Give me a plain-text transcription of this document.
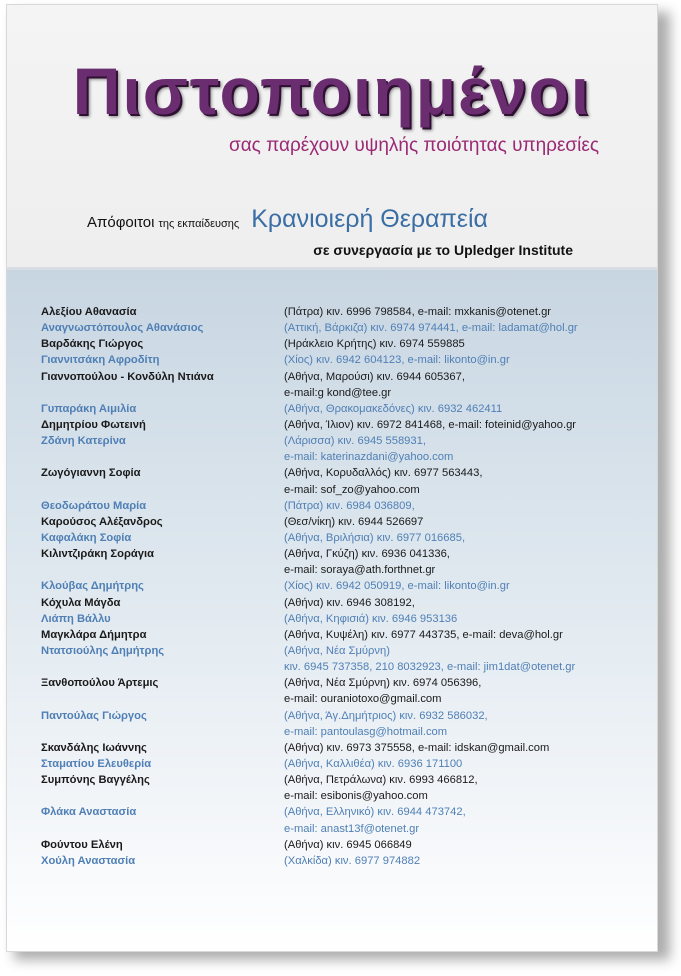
Πιστοποιημένοι
σας παρέχουν υψηλής ποιότητας υπηρεσίες
Απόφοιτοι της εκπαίδευσης Κρανιοιερή Θεραπεία
σε συνεργασία με το Upledger Institute
Αλεξίου Αθανασία	(Πάτρα) κιν. 6996 798584, e-mail: mxkanis@otenet.gr
Αναγνωστόπουλος Αθανάσιος	(Αττική, Βάρκιζα) κιν. 6974 974441, e-mail: ladamat@hol.gr
Βαρδάκης Γιώργος	(Ηράκλειο Κρήτης) κιν. 6974 559885
Γιαννιτσάκη Αφροδίτη	(Χίος) κιν. 6942 604123, e-mail: likonto@in.gr
Γιαννοπούλου - Κονδύλη Ντιάνα	(Αθήνα, Μαρούσι) κιν. 6944 605367,
e-mail:g kond@tee.gr
Γυπαράκη Αιμιλία	(Αθήνα, Θρακομακεδόνες) κιν. 6932 462411
Δημητρίου Φωτεινή	(Αθήνα, Ίλιον) κιν. 6972 841468, e-mail: foteinid@yahoo.gr
Ζδάνη Κατερίνα	(Λάρισσα) κιν. 6945 558931,
e-mail: katerinazdani@yahoo.com
Ζωγόγιαννη Σοφία	(Αθήνα, Κορυδαλλός) κιν. 6977 563443,
e-mail: sof_zo@yahoo.com
Θεοδωράτου Μαρία	(Πάτρα) κιν. 6984 036809,
Καρούσος Αλέξανδρος	(Θεσ/νίκη) κιν. 6944 526697
Καφαλάκη Σοφία	(Αθήνα, Βριλήσια) κιν. 6977 016685,
Κιλιντζιράκη Σοράγια	(Αθήνα, Γκύζη) κιν. 6936 041336,
e-mail: soraya@ath.forthnet.gr
Κλούβας Δημήτρης	(Χίος) κιν. 6942 050919, e-mail: likonto@in.gr
Κόχυλα Μάγδα	(Αθήνα) κιν. 6946 308192,
Λιάπη Βάλλυ	(Αθήνα, Κηφισιά) κιν. 6946 953136
Μαγκλάρα Δήμητρα	(Αθήνα, Κυψέλη) κιν. 6977 443735, e-mail: deva@hol.gr
Ντατσιούλης Δημήτρης	(Αθήνα, Νέα Σμύρνη)
κιν. 6945 737358, 210 8032923, e-mail: jim1dat@otenet.gr
Ξανθοπούλου Άρτεμις	(Αθήνα, Νέα Σμύρνη) κιν. 6974 056396,
e-mail: ouraniotoxo@gmail.com
Παντούλας Γιώργος	(Αθήνα, Άγ.Δημήτριος) κιν. 6932 586032,
e-mail: pantoulasg@hotmail.com
Σκανδάλης Ιωάννης	(Αθήνα) κιν. 6973 375558, e-mail: idskan@gmail.com
Σταματίου Ελευθερία	(Αθήνα, Καλλιθέα) κιν. 6936 171100
Συμπόνης Βαγγέλης	(Αθήνα, Πετράλωνα) κιν. 6993 466812,
e-mail: esibonis@yahoo.com
Φλάκα Αναστασία	(Αθήνα, Ελληνικό) κιν. 6944 473742,
e-mail: anast13f@otenet.gr
Φούντου Ελένη	(Αθήνα) κιν. 6945 066849
Χούλη Αναστασία	(Χαλκίδα) κιν. 6977 974882
